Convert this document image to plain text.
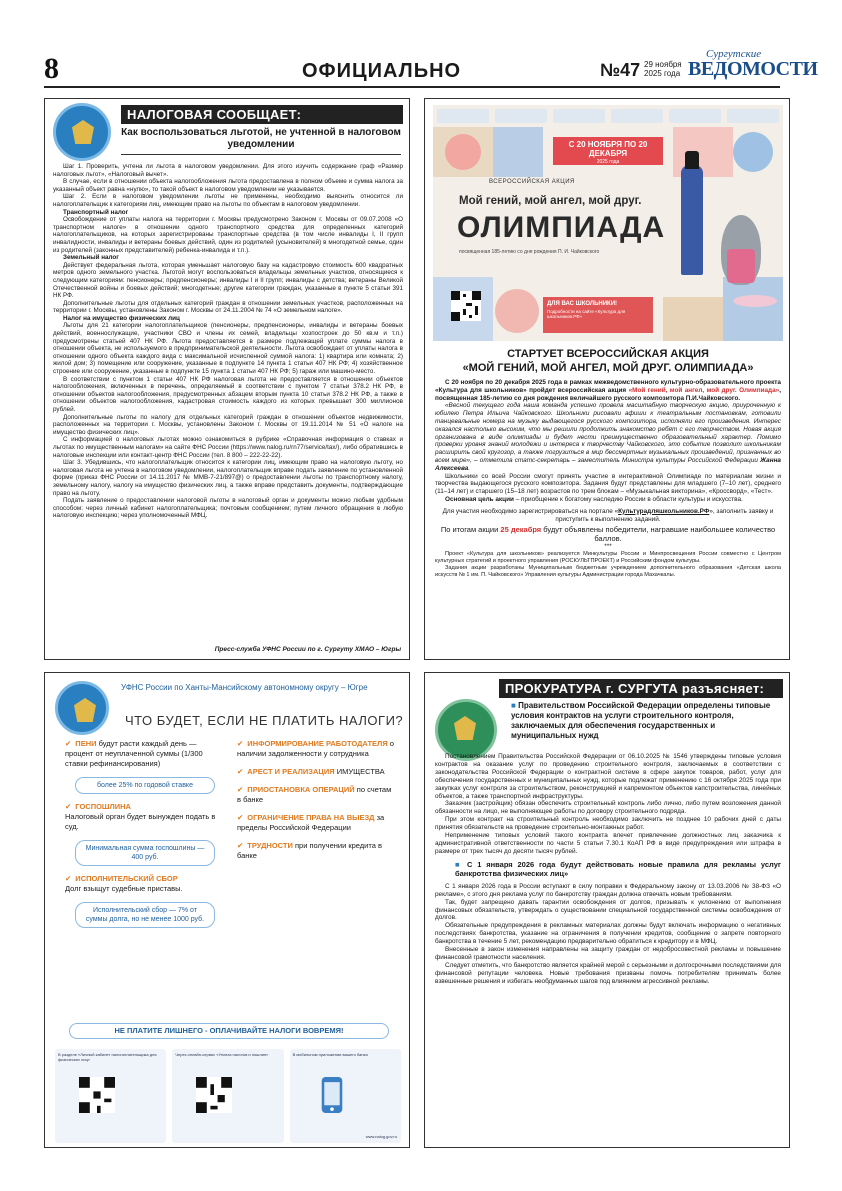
8	ОФИЦИАЛЬНО	№47 29 ноября
2025 года
Сургутские
ВЕДОМОСТИ
НАЛОГОВАЯ СООБЩАЕТ:
Как воспользоваться льготой, не учтенной в налоговом уведомлении

Шаг 1. Проверить, учтена ли льгота в налоговом уведомлении. Для этого изучить содержание граф «Размер налоговых льгот», «Налоговый вычет».

В случае, если в отношении объекта налогообложения льгота предоставлена в полном объеме и сумма налога за указанный объект равна «нулю», то такой объект в налоговом уведомлении не указывается.

Шаг 2. Если в налоговом уведомлении льготы не применены, необходимо выяснить относится ли налогоплательщик к категориям лиц, имеющим право на льготы по объектам в налоговом уведомлении.

Транспортный налог

Освобождение от уплаты налога на территории г. Москвы предусмотрено Законом г. Москвы от 09.07.2008 «О транспортном налоге» в отношении одного транспортного средства для определенных категорий налогоплательщиков, на которых зарегистрированы транспортные средства (в том числе инвалиды I, II групп инвалидности, инвалиды и ветераны боевых действий, один из родителей (усыновителей) в многодетной семье, один из родителей (законных представителей) ребенка-инвалида и т.п.).

Земельный налог

Действует федеральная льгота, которая уменьшает налоговую базу на кадастровую стоимость 600 квадратных метров одного земельного участка. Льготой могут воспользоваться владельцы земельных участков, относящиеся к следующим категориям: пенсионеры; предпенсионеры; инвалиды I и II групп; инвалиды с детства; ветераны Великой Отечественной войны и боевых действий; многодетные; другие категории граждан, указанные в пункте 5 статьи 391 НК РФ.

Дополнительные льготы для отдельных категорий граждан в отношении земельных участков, расположенных на территории г. Москвы, установлены Законом г. Москвы от 24.11.2004 № 74 «О земельном налоге».

Налог на имущество физических лиц

Льготы для 21 категории налогоплательщиков (пенсионеры, предпенсионеры, инвалиды и ветераны боевых действий, военнослужащие, участники СВО и члены их семей, владельцы хозпостроек до 50 кв.м и т.п.) предусмотрены статьей 407 НК РФ. Льгота предоставляется в размере подлежащей уплате суммы налога в отношении объекта, не используемого в предпринимательской деятельности. Льгота освобождает от уплаты налога в отношении одного объекта каждого вида с максимальной исчисленной суммой налога: 1) квартира или комната; 2) жилой дом; 3) помещение или сооружение, указанные в подпункте 14 пункта 1 статьи 407 НК РФ; 4) хозяйственное строение или сооружение, указанные в подпункте 15 пункта 1 статьи 407 НК РФ; 5) гараж или машино-место.

В соответствии с пунктом 1 статьи 407 НК РФ налоговая льгота не предоставляется в отношении объектов налогообложения, включенных в перечень, определяемый в соответствии с пунктом 7 статьи 378.2 НК РФ, в отношении объектов налогообложения, предусмотренных абзацем вторым пункта 10 статьи 378.2 НК РФ, а также в отношении объектов налогообложения, кадастровая стоимость каждого из которых превышает 300 миллионов рублей.

Дополнительные льготы по налогу для отдельных категорий граждан в отношении объектов недвижимости, расположенных на территории г. Москвы, установлены Законом г. Москвы от 19.11.2014 № 51 «О налоге на имущество физических лиц».

С информацией о налоговых льготах можно ознакомиться в рубрике «Справочная информация о ставках и льготах по имущественным налогам» на сайте ФНС России (https://www.nalog.ru/rn77/service/tax/), либо обратившись в налоговые инспекции или контакт-центр ФНС России (тел. 8 800 – 222-22-22).

Шаг 3. Убедившись, что налогоплательщик относится к категории лиц, имеющим право на налоговую льготу, но налоговая льгота не учтена в налоговом уведомлении, налогоплательщик вправе подать заявление по установленной форме (приказ ФНС России от 14.11.2017 № ММВ-7-21/897@) о предоставлении льготы по транспортному налогу, земельному налогу, налогу на имущество физических лиц, а также вправе представить документы, подтверждающие право на льготу.

Подать заявление о предоставлении налоговой льготы в налоговый орган и документы можно любым удобным способом: через личный кабинет налогоплательщика; почтовым сообщением; путем личного обращения в любую налоговую инспекцию; через уполномоченный МФЦ.

Пресс-служба УФНС России по г. Сургуту ХМАО – Югры
С 20 НОЯБРЯ ПО 20 ДЕКАБРЯ
2025 года
ВСЕРОССИЙСКАЯ АКЦИЯ
Мой гений, мой ангел, мой друг.
ОЛИМПИАДА
посвященная 185-летию со дня рождения П. И. Чайковского
ДЛЯ ВАС ШКОЛЬНИКИ!
Подробности на сайте «Культура для школьников.РФ»
СТАРТУЕТ ВСЕРОССИЙСКАЯ АКЦИЯ
«МОЙ ГЕНИЙ, МОЙ АНГЕЛ, МОЙ ДРУГ. ОЛИМПИАДА»

С 20 ноября по 20 декабря 2025 года в рамках межведомственного культурно-образовательного проекта «Культура для школьников» пройдет всероссийская акция «Мой гений, мой ангел, мой друг. Олимпиада», посвященная 185-летию со дня рождения величайшего русского композитора П.И.Чайковского.

«Весной текущего года наша команда успешно провела масштабную творческую акцию, приуроченную к юбилею Петра Ильича Чайковского. Школьники рисовали афиши к театральным постановкам, готовили танцевальные номера на музыку выдающегося русского композитора, исполняли его произведения. Интерес оказался настолько высоким, что мы решили продолжить знакомство ребят с его творчеством. Новая акция организована в виде олимпиады и будет нести преимущественно образовательный характер. Помимо проверки уровня знаний молодежи и интереса к творчеству Чайковского, это событие позволит школьникам расширить свой кругозор, а также погрузиться в мир бессмертных музыкальных произведений, признанных во всем мире», – отметила статс-секретарь – заместитель Министра культуры Российской Федерации Жанна Алексеева.

Школьники со всей России смогут принять участие в интерактивной Олимпиаде по материалам жизни и творчества выдающегося русского композитора. Задания будут представлены для младшего (7–10 лет), среднего (11–14 лет) и старшего (15–18 лет) возрастов по трем блокам – «Музыкальная викторина», «Кроссворд», «Тест».

Основная цель акции – приобщение к богатому наследию России в области культуры и искусства.

Для участия необходимо зарегистрироваться на портале «Культурадляшкольников.РФ», заполнить заявку и приступить к выполнению заданий.

По итогам акции 25 декабря будут объявлены победители, награвшие наибольшее количество баллов.

***

Проект «Культура для школьников» реализуется Минкультуры России и Минпросвещения России совместно с Центром культурных стратегий и проектного управления (РОСКУЛЬТПРОЕКТ) и Российским фондом культуры.

Задания акции разработаны Муниципальным бюджетным учреждением дополнительного образования «Детская школа искусств № 1 им. П. Чайковского» Управления культуры Администрации города Махачкалы.

УФНС России по Ханты-Мансийскому автономному округу – Югре
ЧТО БУДЕТ, ЕСЛИ НЕ ПЛАТИТЬ НАЛОГИ?
✔ ПЕНИ будут расти каждый день — процент от неуплаченной суммы (1/300 ставки рефинансирования)
более 25% по годовой ставке
✔ ГОСПОШЛИНА
Налоговый орган будет вынужден подать в суд.
Минимальная сумма госпошлины — 400 руб.
✔ ИСПОЛНИТЕЛЬСКИЙ СБОР
Долг взыщут судебные приставы.
Исполнительский сбор — 7% от суммы долга, но не менее 1000 руб.
✔ ИНФОРМИРОВАНИЕ РАБОТОДАТЕЛЯ о наличии задолженности у сотрудника
✔ АРЕСТ И РЕАЛИЗАЦИЯ ИМУЩЕСТВА
✔ ПРИОСТАНОВКА ОПЕРАЦИЙ по счетам в банке
✔ ОГРАНИЧЕНИЕ ПРАВА НА ВЫЕЗД за пределы Российской Федерации
✔ ТРУДНОСТИ при получении кредита в банке
НЕ ПЛАТИТЕ ЛИШНЕГО - ОПЛАЧИВАЙТЕ НАЛОГИ ВОВРЕМЯ!
В разделе «Личный кабинет налогоплательщика для физических лиц»
Через онлайн-сервис «Уплата налогов и пошлин»	В мобильном приложении вашего банка
www.nalog.gov.ru
ПРОКУРАТУРА г. СУРГУТА разъясняет:
■ Правительством Российской Федерации определены типовые условия контрактов на услуги строительного контроля, заключаемых для обеспечения государственных и муниципальных нужд

Постановлением Правительства Российской Федерации от 06.10.2025 № 1546 утверждены типовые условия контрактов на оказание услуг по проведению строительного контроля, заключаемых в соответствии с законодательства Российской Федерации о контрактной системе в сфере закупок товаров, работ, услуг для обеспечения государственных и муниципальных нужд, которые подлежат применению с 16 октября 2025 года при закупках услуг контроля за строительством, реконструкцией и капремонтом объектов капстроительства, линейных объектов, а также транспортной инфраструктуры.

Заказчик (застройщик) обязан обеспечить строительный контроль либо лично, либо путем возложения данной обязанности на лицо, не выполняющее работы по договору строительного подряда.

При этом контракт на строительный контроль необходимо заключить не позднее 10 рабочих дней с даты принятия обязательств на проведение строительно-монтажных работ.

Неприменение типовых условий такого контракта влечет привлечение должностных лиц заказчика к административной ответственности по части 5 статьи 7.30.1 КоАП РФ в виде предупреждения или штрафа в размере от трех тысяч до десяти тысяч рублей.

■ С 1 января 2026 года будут действовать новые правила для рекламы услуг банкротства физических лиц»

С 1 января 2026 года в России вступают в силу поправки к Федеральному закону от 13.03.2006 № 38-ФЗ «О рекламе», с этого дня реклама услуг по банкротству граждан должна отвечать новым требованиям.

Так, будет запрещено давать гарантии освобождения от долгов, призывать к уклонению от выполнения финансовых обязательств, утверждать о существовании специальной государственной системы освобождения от долгов.

Обязательные предупреждения в рекламных материалах должны будут включать информацию о негативных последствиях банкротства, указание на ограничения в получении кредитов, сообщение о запрете повторного банкротства в течение 5 лет, рекомендацию предварительно обратиться к кредитору и в МФЦ.

Внесенные в закон изменения направлены на защиту граждан от недобросовестной рекламы и повышение финансовой грамотности населения.

Следует отметить, что банкротство является крайней мерой с серьезными и долгосрочными последствиями для финансовой репутации человека. Новые требования призваны помочь потребителям принимать более взвешенные решения и избегать необдуманных шагов под влиянием агрессивной рекламы.
